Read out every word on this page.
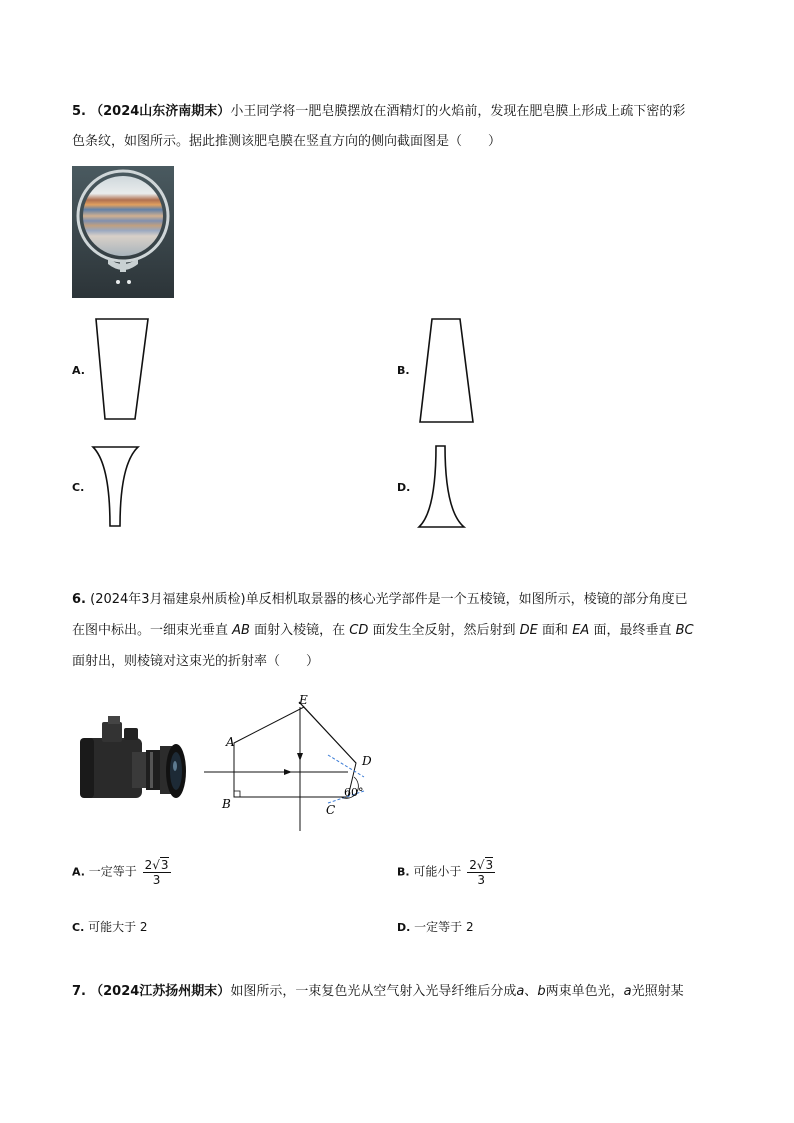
5. （2024山东济南期末）小王同学将一肥皂膜摆放在酒精灯的火焰前，发现在肥皂膜上形成上疏下密的彩
色条纹，如图所示。据此推测该肥皂膜在竖直方向的侧向截面图是（　　）
A.	B.
C.	D.
6. (2024年3月福建泉州质检)单反相机取景器的核心光学部件是一个五棱镜，如图所示，棱镜的部分角度已
在图中标出。一细束光垂直 AB 面射入棱镜，在 CD 面发生全反射，然后射到 DE 面和 EA 面，最终垂直 BC
面射出，则棱镜对这束光的折射率（　　）
E
A
B	C
D
60°
A. 一定等于 $\frac{2√3}{3}$	B. 可能小于 $\frac{2√3}{3}$
C. 可能大于 2	D. 一定等于 2
7. （2024江苏扬州期末）如图所示，一束复色光从空气射入光导纤维后分成a、b两束单色光，a光照射某
